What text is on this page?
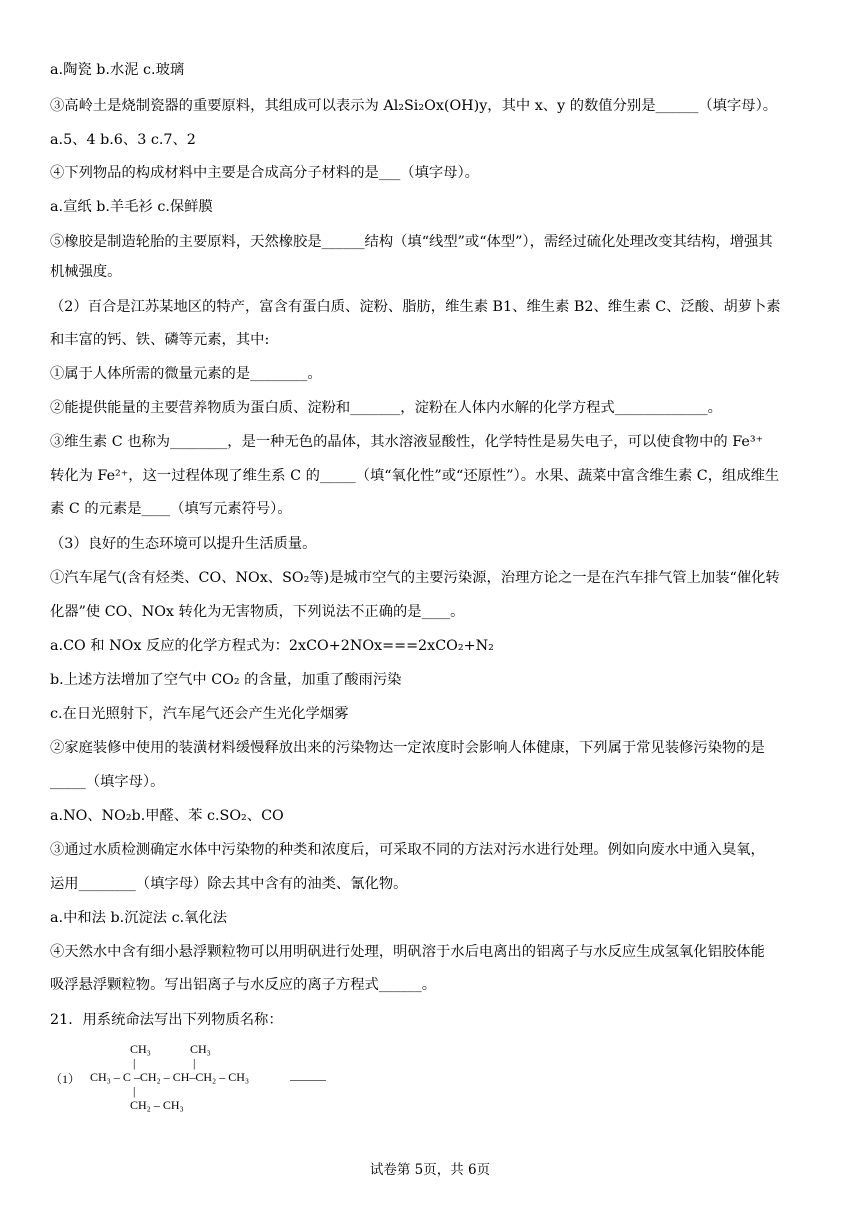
a.陶瓷 b.水泥 c.玻璃
③高岭土是烧制瓷器的重要原料，其组成可以表示为 Al₂Si₂Ox(OH)y，其中 x、y 的数值分别是______（填字母）。
a.5、4 b.6、3 c.7、2
④下列物品的构成材料中主要是合成高分子材料的是___（填字母）。
a.宣纸 b.羊毛衫 c.保鲜膜
⑤橡胶是制造轮胎的主要原料，天然橡胶是______结构（填“线型”或“体型”），需经过硫化处理改变其结构，增强其
机械强度。
（2）百合是江苏某地区的特产，富含有蛋白质、淀粉、脂肪，维生素 B1、维生素 B2、维生素 C、泛酸、胡萝卜素
和丰富的钙、铁、磷等元素，其中:
①属于人体所需的微量元素的是________。
②能提供能量的主要营养物质为蛋白质、淀粉和_______，淀粉在人体内水解的化学方程式_____________。
③维生素 C 也称为________，是一种无色的晶体，其水溶液显酸性，化学特性是易失电子，可以使食物中的 Fe³⁺
转化为 Fe²⁺，这一过程体现了维生系 C 的_____（填“氧化性”或“还原性”）。水果、蔬菜中富含维生素 C，组成维生
素 C 的元素是____（填写元素符号）。
（3）良好的生态环境可以提升生活质量。
①汽车尾气(含有烃类、CO、NOx、SO₂等)是城市空气的主要污染源，治理方论之一是在汽车排气管上加装“催化转
化器”使 CO、NOx 转化为无害物质，下列说法不正确的是____。
a.CO 和 NOx 反应的化学方程式为：2xCO+2NOx===2xCO₂+N₂
b.上述方法增加了空气中 CO₂ 的含量，加重了酸雨污染
c.在日光照射下，汽车尾气还会产生光化学烟雾
②家庭装修中使用的装潢材料缓慢释放出来的污染物达一定浓度时会影响人体健康，下列属于常见装修污染物的是
_____（填字母）。
a.NO、NO₂b.甲醛、苯 c.SO₂、CO
③通过水质检测确定水体中污染物的种类和浓度后，可采取不同的方法对污水进行处理。例如向废水中通入臭氧，
运用________（填字母）除去其中含有的油类、氰化物。
a.中和法 b.沉淀法 c.氧化法
④天然水中含有细小悬浮颗粒物可以用明矾进行处理，明矾溶于水后电离出的铝离子与水反应生成氢氧化铝胶体能
吸浮悬浮颗粒物。写出铝离子与水反应的离子方程式______。
21．用系统命法写出下列物质名称：
CH₃	CH₃
|	|
（1） CH₃ – C –CH₂ – CH–CH₂ – CH₃	______
|
CH₂ – CH₃
试卷第 5页，共 6页
